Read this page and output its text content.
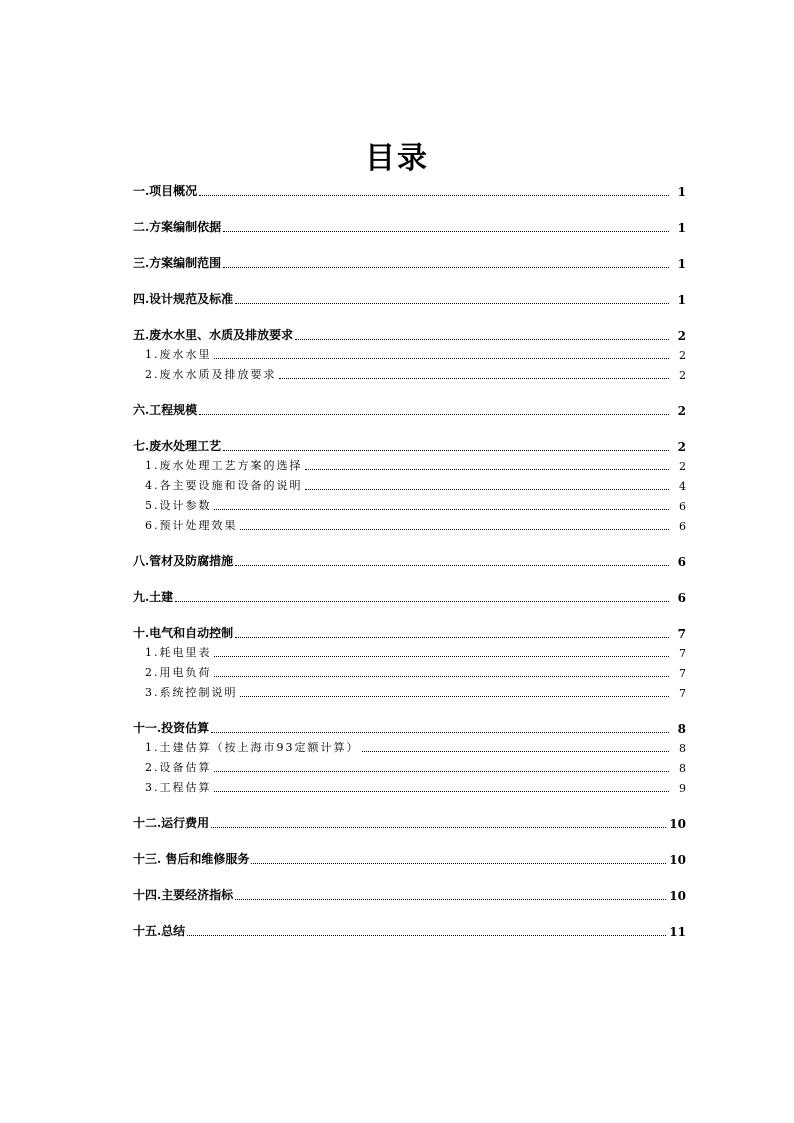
目录
一.项目概况	1
二.方案编制依据	1
三.方案编制范围	1
四.设计规范及标准	1
五.废水水里、水质及排放要求	2
1.废水水里	2
2.废水水质及排放要求	2
六.工程规模	2
七.废水处理工艺	2
1.废水处理工艺方案的选择	2
4.各主要设施和设备的说明	4
5.设计参数	6
6.预计处理效果	6
八.管材及防腐措施	6
九.土建	6
十.电气和自动控制	7
1.耗电里表	7
2.用电负荷	7
3.系统控制说明	7
十一.投资估算	8
1.土建估算（按上海市93定额计算）	8
2.设备估算	8
3.工程估算	9
十二.运行费用	10
十三. 售后和维修服务	10
十四.主要经济指标	10
十五.总结	11
